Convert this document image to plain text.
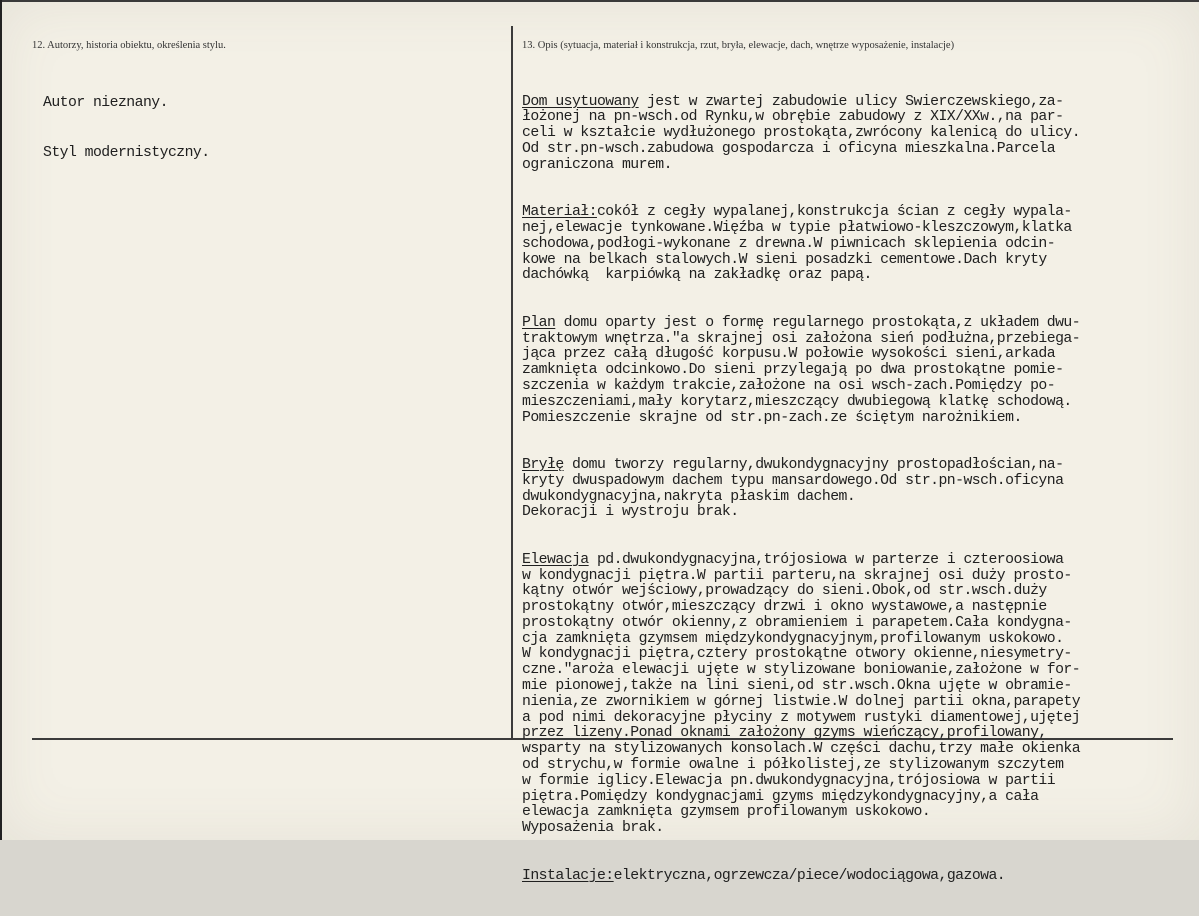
12. Autorzy, historia obiektu, określenia stylu.	13. Opis (sytuacja, materiał i konstrukcja, rzut, bryła, elewacje, dach, wnętrze wyposażenie, instalacje)

Autor nieznany.

Styl modernistyczny.

Dom usytuowany jest w zwartej zabudowie ulicy Swierczewskiego,za-
łożonej na pn-wsch.od Rynku,w obrębie zabudowy z XIX/XXw.,na par-
celi w kształcie wydłużonego prostokąta,zwrócony kalenicą do ulicy.
Od str.pn-wsch.zabudowa gospodarcza i oficyna mieszkalna.Parcela
ograniczona murem.

Materiał:cokół z cegły wypalanej,konstrukcja ścian z cegły wypala-
nej,elewacje tynkowane.Więźba w typie płatwiowo-kleszczowym,klatka
schodowa,podłogi-wykonane z drewna.W piwnicach sklepienia odcin-
kowe na belkach stalowych.W sieni posadzki cementowe.Dach kryty
dachówką  karpiówką na zakładkę oraz papą.

Plan domu oparty jest o formę regularnego prostokąta,z układem dwu-
traktowym wnętrza."a skrajnej osi założona sień podłużna,przebiega-
jąca przez całą długość korpusu.W połowie wysokości sieni,arkada
zamknięta odcinkowo.Do sieni przylegają po dwa prostokątne pomie-
szczenia w każdym trakcie,założone na osi wsch-zach.Pomiędzy po-
mieszczeniami,mały korytarz,mieszczący dwubiegową klatkę schodową.
Pomieszczenie skrajne od str.pn-zach.ze ściętym narożnikiem.

Bryłę domu tworzy regularny,dwukondygnacyjny prostopadłościan,na-
kryty dwuspadowym dachem typu mansardowego.Od str.pn-wsch.oficyna
dwukondygnacyjna,nakryta płaskim dachem.
Dekoracji i wystroju brak.

Elewacja pd.dwukondygnacyjna,trójosiowa w parterze i czteroosiowa
w kondygnacji piętra.W partii parteru,na skrajnej osi duży prosto-
kątny otwór wejściowy,prowadzący do sieni.Obok,od str.wsch.duży
prostokątny otwór,mieszczący drzwi i okno wystawowe,a następnie
prostokątny otwór okienny,z obramieniem i parapetem.Cała kondygna-
cja zamknięta gzymsem międzykondygnacyjnym,profilowanym uskokowo.
W kondygnacji piętra,cztery prostokątne otwory okienne,niesymetry-
czne."aroża elewacji ujęte w stylizowane boniowanie,założone w for-
mie pionowej,także na lini sieni,od str.wsch.Okna ujęte w obramie-
nienia,ze zwornikiem w górnej listwie.W dolnej partii okna,parapety
a pod nimi dekoracyjne płyciny z motywem rustyki diamentowej,ujętej
przez lizeny.Ponad oknami założony gzyms wieńczący,profilowany,
wsparty na stylizowanych konsolach.W części dachu,trzy małe okienka
od strychu,w formie owalne i półkolistej,ze stylizowanym szczytem
w formie iglicy.Elewacja pn.dwukondygnacyjna,trójosiowa w partii
piętra.Pomiędzy kondygnacjami gzyms międzykondygnacyjny,a cała
elewacja zamknięta gzymsem profilowanym uskokowo.
Wyposażenia brak.

Instalacje:elektryczna,ogrzewcza/piece/wodociągowa,gazowa.
